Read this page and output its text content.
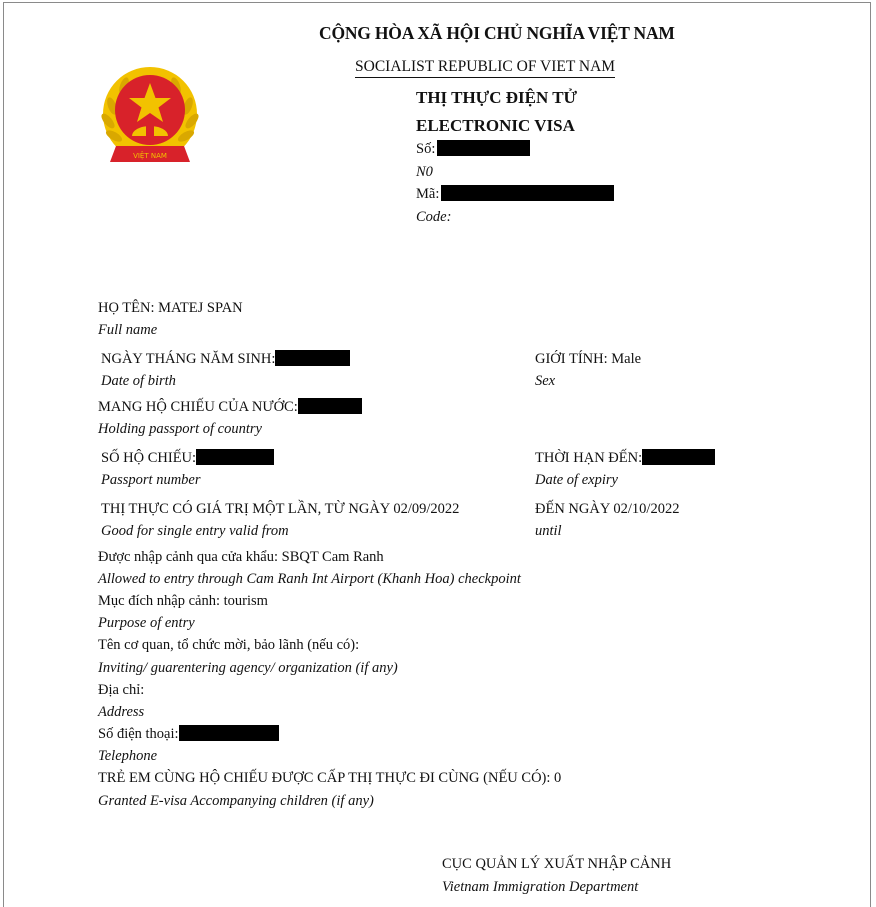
VIỆT NAM
CỘNG HÒA XÃ HỘI CHỦ NGHĨA VIỆT NAM
SOCIALIST REPUBLIC OF VIET NAM
THỊ THỰC ĐIỆN TỬ
ELECTRONIC VISA
Số:
N0
Mã:
Code:
HỌ TÊN: MATEJ SPAN
Full name
NGÀY THÁNG NĂM SINH:
Date of birth
GIỚI TÍNH: Male
Sex
MANG HỘ CHIẾU CỦA NƯỚC:
Holding passport of country
SỐ HỘ CHIẾU:
Passport number
THỜI HẠN ĐẾN:
Date of expiry
THỊ THỰC CÓ GIÁ TRỊ MỘT LẦN, TỪ NGÀY 02/09/2022
Good for single entry valid from
ĐẾN NGÀY 02/10/2022
until
Được nhập cảnh qua cửa khẩu: SBQT Cam Ranh
Allowed to entry through Cam Ranh Int Airport (Khanh Hoa) checkpoint
Mục đích nhập cảnh: tourism
Purpose of entry
Tên cơ quan, tổ chức mời, bảo lãnh (nếu có):
Inviting/ guarentering agency/ organization (if any)
Địa chỉ:
Address
Số điện thoại:
Telephone
TRẺ EM CÙNG HỘ CHIẾU ĐƯỢC CẤP THỊ THỰC ĐI CÙNG (NẾU CÓ): 0
Granted E-visa Accompanying children (if any)
CỤC QUẢN LÝ XUẤT NHẬP CẢNH
Vietnam Immigration Department
